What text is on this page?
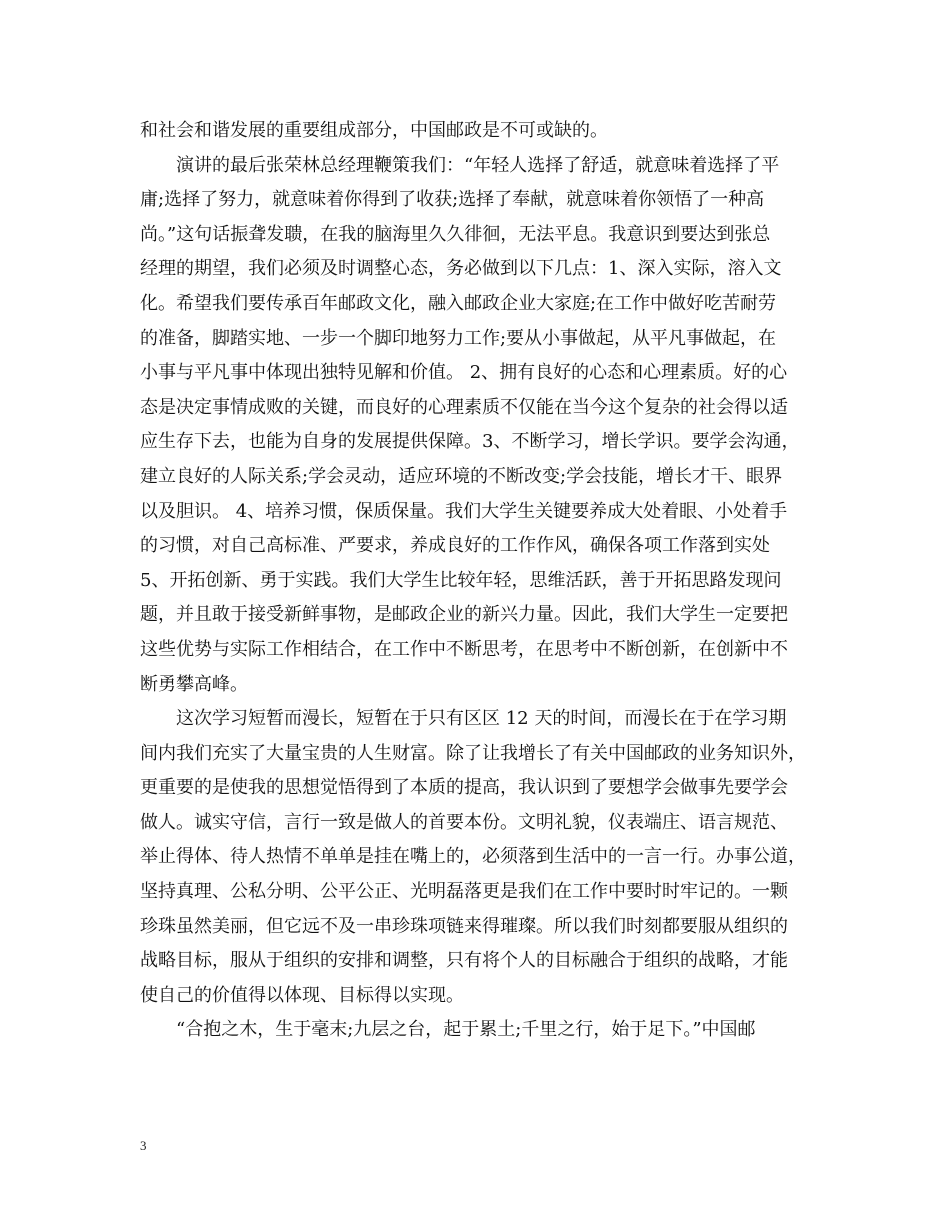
和社会和谐发展的重要组成部分，中国邮政是不可或缺的。
演讲的最后张荣林总经理鞭策我们：“年轻人选择了舒适，就意味着选择了平
庸;选择了努力，就意味着你得到了收获;选择了奉献，就意味着你领悟了一种高
尚。”这句话振聋发聩，在我的脑海里久久徘徊，无法平息。我意识到要达到张总
经理的期望，我们必须及时调整心态，务必做到以下几点：1、深入实际，溶入文
化。希望我们要传承百年邮政文化，融入邮政企业大家庭;在工作中做好吃苦耐劳
的准备，脚踏实地、一步一个脚印地努力工作;要从小事做起，从平凡事做起，在
小事与平凡事中体现出独特见解和价值。 2、拥有良好的心态和心理素质。好的心
态是决定事情成败的关键，而良好的心理素质不仅能在当今这个复杂的社会得以适
应生存下去，也能为自身的发展提供保障。3、不断学习，增长学识。要学会沟通，
建立良好的人际关系;学会灵动，适应环境的不断改变;学会技能，增长才干、眼界
以及胆识。 4、培养习惯，保质保量。我们大学生关键要养成大处着眼、小处着手
的习惯，对自己高标准、严要求，养成良好的工作作风，确保各项工作落到实处
5、开拓创新、勇于实践。我们大学生比较年轻，思维活跃，善于开拓思路发现问
题，并且敢于接受新鲜事物，是邮政企业的新兴力量。因此，我们大学生一定要把
这些优势与实际工作相结合，在工作中不断思考，在思考中不断创新，在创新中不
断勇攀高峰。
这次学习短暂而漫长，短暂在于只有区区 12 天的时间，而漫长在于在学习期
间内我们充实了大量宝贵的人生财富。除了让我增长了有关中国邮政的业务知识外，
更重要的是使我的思想觉悟得到了本质的提高，我认识到了要想学会做事先要学会
做人。诚实守信，言行一致是做人的首要本份。文明礼貌，仪表端庄、语言规范、
举止得体、待人热情不单单是挂在嘴上的，必须落到生活中的一言一行。办事公道，
坚持真理、公私分明、公平公正、光明磊落更是我们在工作中要时时牢记的。一颗
珍珠虽然美丽，但它远不及一串珍珠项链来得璀璨。所以我们时刻都要服从组织的
战略目标，服从于组织的安排和调整，只有将个人的目标融合于组织的战略，才能
使自己的价值得以体现、目标得以实现。
“合抱之木，生于毫末;九层之台，起于累土;千里之行，始于足下。”中国邮
3
